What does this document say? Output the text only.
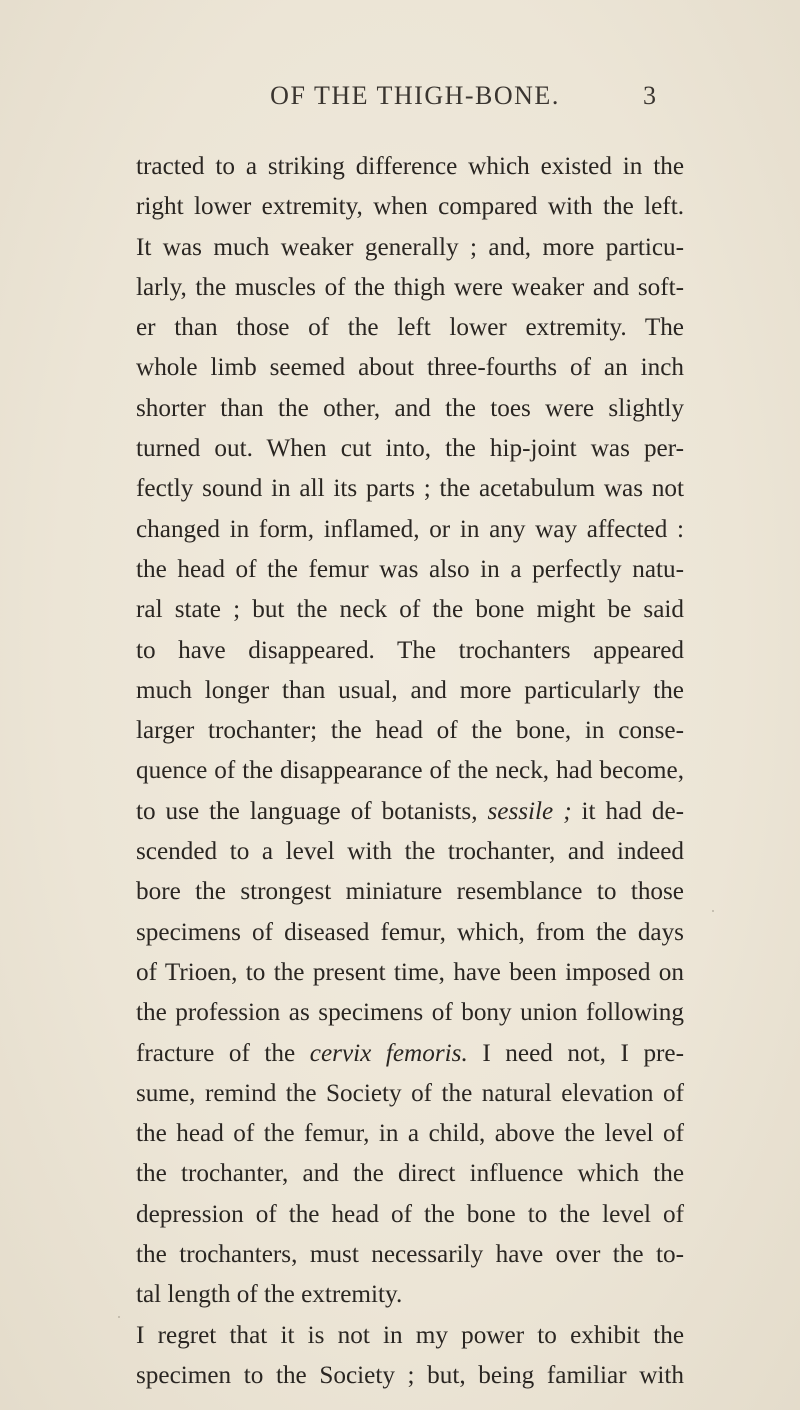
OF THE THIGH-BONE.	3
tracted to a striking difference which existed in the
right lower extremity, when compared with the left.
It was much weaker generally ; and, more particu-
larly, the muscles of the thigh were weaker and soft-
er than those of the left lower extremity. The
whole limb seemed about three-fourths of an inch
shorter than the other, and the toes were slightly
turned out. When cut into, the hip-joint was per-
fectly sound in all its parts ; the acetabulum was not
changed in form, inflamed, or in any way affected :
the head of the femur was also in a perfectly natu-
ral state ; but the neck of the bone might be said
to have disappeared. The trochanters appeared
much longer than usual, and more particularly the
larger trochanter; the head of the bone, in conse-
quence of the disappearance of the neck, had become,
to use the language of botanists, sessile ; it had de-
scended to a level with the trochanter, and indeed
bore the strongest miniature resemblance to those
specimens of diseased femur, which, from the days
of Trioen, to the present time, have been imposed on
the profession as specimens of bony union following
fracture of the cervix femoris. I need not, I pre-
sume, remind the Society of the natural elevation of
the head of the femur, in a child, above the level of
the trochanter, and the direct influence which the
depression of the head of the bone to the level of
the trochanters, must necessarily have over the to-
tal length of the extremity.
I regret that it is not in my power to exhibit the
specimen to the Society ; but, being familiar with
